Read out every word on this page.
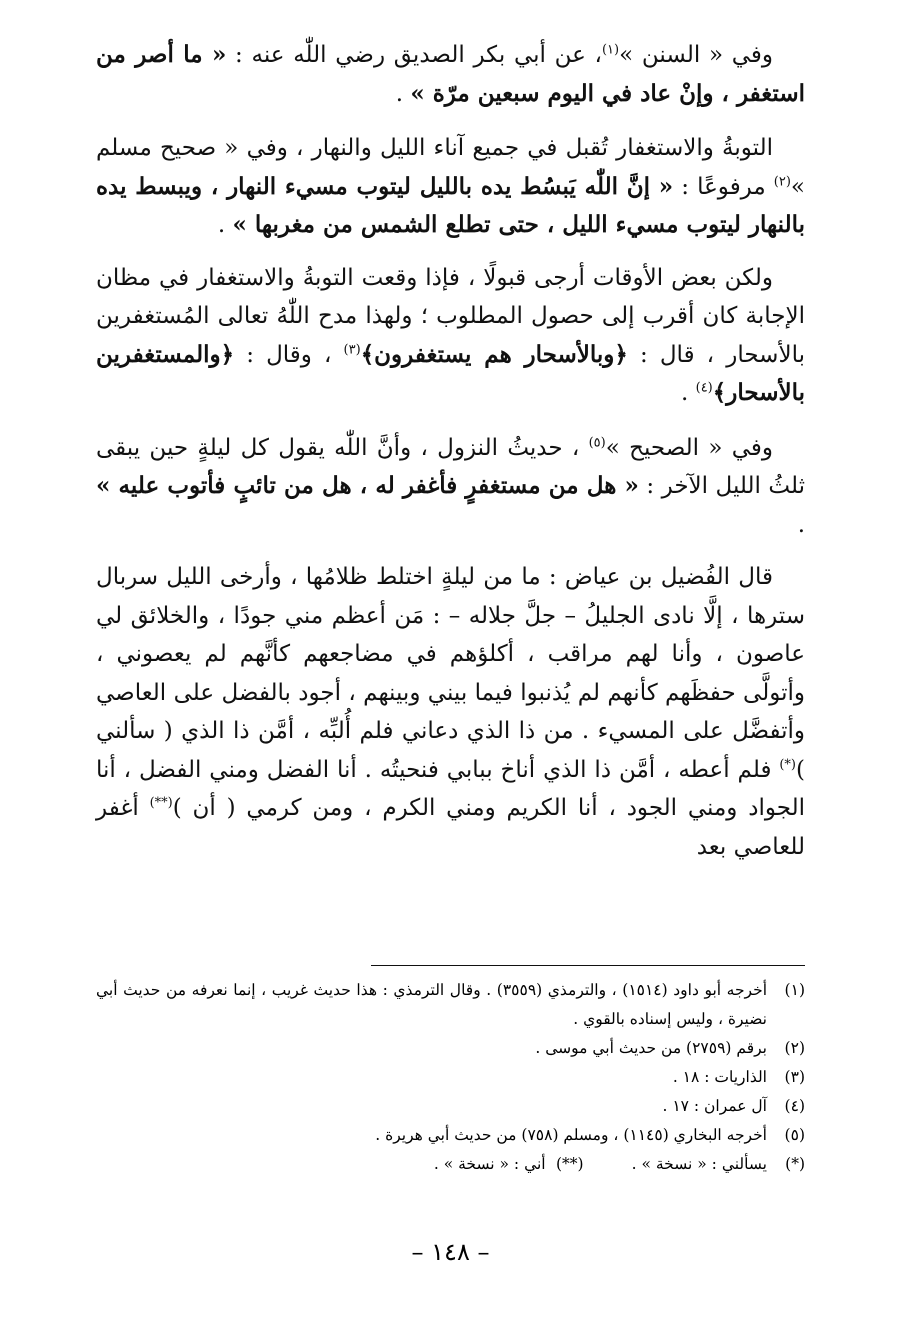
وفي « السنن »$^{(١)}$، عن أبي بكر الصديق رضي اللّٰه عنه : « ما أصر من استغفر ، وإنْ عاد في اليوم سبعين مرّة » .

التوبةُ والاستغفار تُقبل في جميع آناء الليل والنهار ، وفي « صحيح مسلم »$^{(٢)}$ مرفوعًا : « إنَّ اللّٰه يَبسُط يده بالليل ليتوب مسيء النهار ، ويبسط يده بالنهار ليتوب مسيء الليل ، حتى تطلع الشمس من مغربها » .

ولكن بعض الأوقات أرجى قبولًا ، فإذا وقعت التوبةُ والاستغفار في مظان الإجابة كان أقرب إلى حصول المطلوب ؛ ولهذا مدح اللّٰهُ تعالى المُستغفرين بالأسحار ، قال : ﴿وبالأسحار هم يستغفرون﴾$^{(٣)}$ ، وقال : ﴿والمستغفرين بالأسحار﴾$^{(٤)}$ .

وفي « الصحيح »$^{(٥)}$ ، حديثُ النزول ، وأنَّ اللّٰه يقول كل ليلةٍ حين يبقى ثلثُ الليل الآخر : « هل من مستغفرٍ فأغفر له ، هل من تائبٍ فأتوب عليه » .

قال الفُضيل بن عياض : ما من ليلةٍ اختلط ظلامُها ، وأرخى الليل سربال سترها ، إلَّا نادى الجليلُ – جلَّ جلاله – : مَن أعظم مني جودًا ، والخلائق لي عاصون ، وأنا لهم مراقب ، أكلؤهم في مضاجعهم كأنَّهم لم يعصوني ، وأتولَّى حفظَهم كأنهم لم يُذنبوا فيما بيني وبينهم ، أجود بالفضل على العاصي وأتفضَّل على المسيء . من ذا الذي دعاني فلم أُلبِّه ، أمَّن ذا الذي ( سألني )(*) فلم أعطه ، أمَّن ذا الذي أناخ ببابي فنحيتُه . أنا الفضل ومني الفضل ، أنا الجواد ومني الجود ، أنا الكريم ومني الكرم ، ومن كرمي ( أن )(**) أغفر للعاصي بعد

(١)
أخرجه أبو داود (١٥١٤) ، والترمذي (٣٥٥٩) . وقال الترمذي : هذا حديث غريب ، إنما نعرفه من حديث أبي نضيرة ، وليس إسناده بالقوي .
(٢)
برقم (٢٧٥٩) من حديث أبي موسى .
(٣)
الذاريات : ١٨ .
(٤)
آل عمران : ١٧ .
(٥)
أخرجه البخاري (١١٤٥) ، ومسلم (٧٥٨) من حديث أبي هريرة .
(*)
يسألني : « نسخة » .
(**)
أني : « نسخة » .
– ١٤٨ –
